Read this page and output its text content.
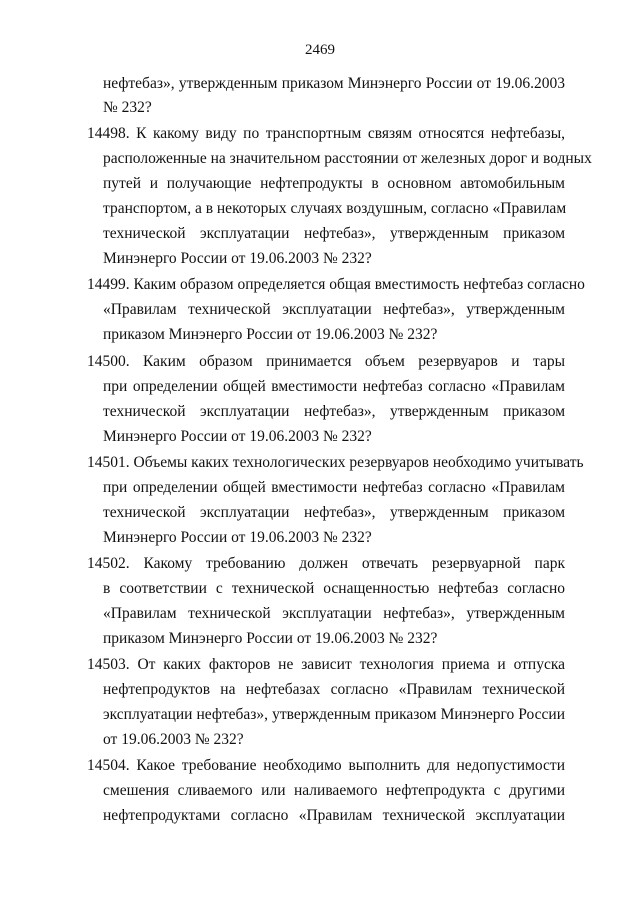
2469
нефтебаз», утвержденным приказом Минэнерго России от 19.06.2003
№ 232?
14498. К какому виду по транспортным связям относятся нефтебазы,
расположенные на значительном расстоянии от железных дорог и водных
путей и получающие нефтепродукты в основном автомобильным
транспортом, а в некоторых случаях воздушным, согласно «Правилам
технической эксплуатации нефтебаз», утвержденным приказом
Минэнерго России от 19.06.2003 № 232?
14499. Каким образом определяется общая вместимость нефтебаз согласно
«Правилам технической эксплуатации нефтебаз», утвержденным
приказом Минэнерго России от 19.06.2003 № 232?
14500. Каким образом принимается объем резервуаров и тары
при определении общей вместимости нефтебаз согласно «Правилам
технической эксплуатации нефтебаз», утвержденным приказом
Минэнерго России от 19.06.2003 № 232?
14501. Объемы каких технологических резервуаров необходимо учитывать
при определении общей вместимости нефтебаз согласно «Правилам
технической эксплуатации нефтебаз», утвержденным приказом
Минэнерго России от 19.06.2003 № 232?
14502. Какому требованию должен отвечать резервуарной парк
в соответствии с технической оснащенностью нефтебаз согласно
«Правилам технической эксплуатации нефтебаз», утвержденным
приказом Минэнерго России от 19.06.2003 № 232?
14503. От каких факторов не зависит технология приема и отпуска
нефтепродуктов на нефтебазах согласно «Правилам технической
эксплуатации нефтебаз», утвержденным приказом Минэнерго России
от 19.06.2003 № 232?
14504. Какое требование необходимо выполнить для недопустимости
смешения сливаемого или наливаемого нефтепродукта с другими
нефтепродуктами согласно «Правилам технической эксплуатации
